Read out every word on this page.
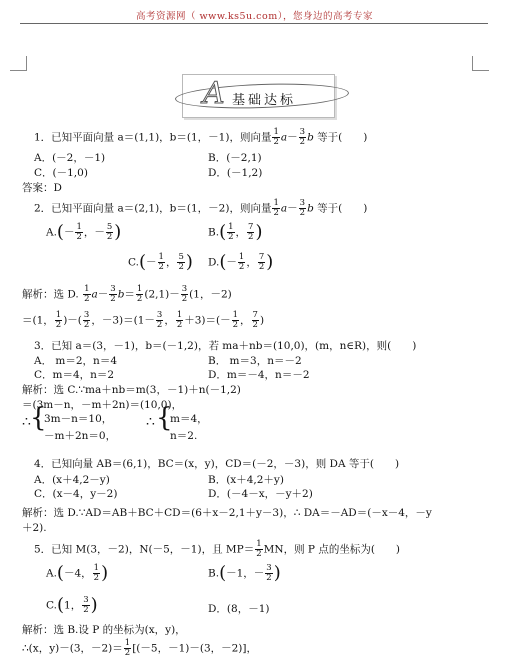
高考资源网（ www.ks5u.com），您身边的高考专家
A 基础达标
1．已知平面向量 a＝(1,1)，b＝(1，－1)，则向量 $\frac{1}{2} a- \frac{3}{2}$ b 等于(　　)
A．(－2，－1)	B．(－2,1)
C．(－1,0)	D．(－1,2)
答案：D
2．已知平面向量 a＝(2,1)，b＝(1，－2)，则向量 $\frac{1}{2} a- \frac{3}{2}$ b 等于(　　)
$A.(- \frac{1}{2}$ ，－ $\frac{5}{2}$ )	$B.( \frac{1}{2}$ ， $\frac{7}{2}$ )
$C.(- \frac{1}{2}$ ， $\frac{5}{2}$ ) $D.(- \frac{1}{2}$ ， $\frac{7}{2}$ )
解析：选 D. $\frac{1}{2} a- \frac{3}{2} b= \frac{1}{2} (2,1)- \frac{3}{2} (1$，－2)
＝(1， $\frac{1}{2}$ )－( $\frac{3}{2}$ ，$-3)=(1- \frac{3}{2}$ ， $\frac{1}{2} +3)=(- \frac{1}{2}$ ， $\frac{7}{2}$ )
3．已知 a＝(3，－1)，b＝(－1,2)，若 ma＋nb＝(10,0)，(m，n∈R)，则(　　)
A． m＝2，n＝4	B． m＝3，n＝－2
C．m＝4，n＝2	D．m＝－4，n＝－2
解析：选 C.∵ma＋nb＝m(3，－1)＋n(－1,2)
＝(3m－n，－m＋2n)＝(10,0)，
∴ {
3m－n＝10，
－m＋2n＝0，
∴ {
m＝4，
n＝2.
4．已知向量 AB＝(6,1)，BC＝(x，y)，CD＝(－2，－3)，则 DA 等于(　　)
A．(x＋4,2－y)	B．(x＋4,2＋y)
C．(x－4，y－2)	D．(－4－x，－y＋2)
解析：选 D.∵AD＝AB＋BC＋CD＝(6＋x－2,1＋y－3)，∴ DA＝－AD＝(－x－4，－y
＋2).
5．已知 M(3，－2)，N(－5，－1)，且 $MP= \frac{1}{2}$ MN，则 P 点的坐标为(　　)
A.(－4， $\frac{1}{2}$ )	B.(－1，－ $\frac{3}{2}$ )
C.(1， $\frac{3}{2}$ )	D．(8，－1)
解析：选 B.设 P 的坐标为(x，y)，
∴(x，y)－(3，$-2)= \frac{1}{2} [(-5$，－1)－(3，－2)]，
